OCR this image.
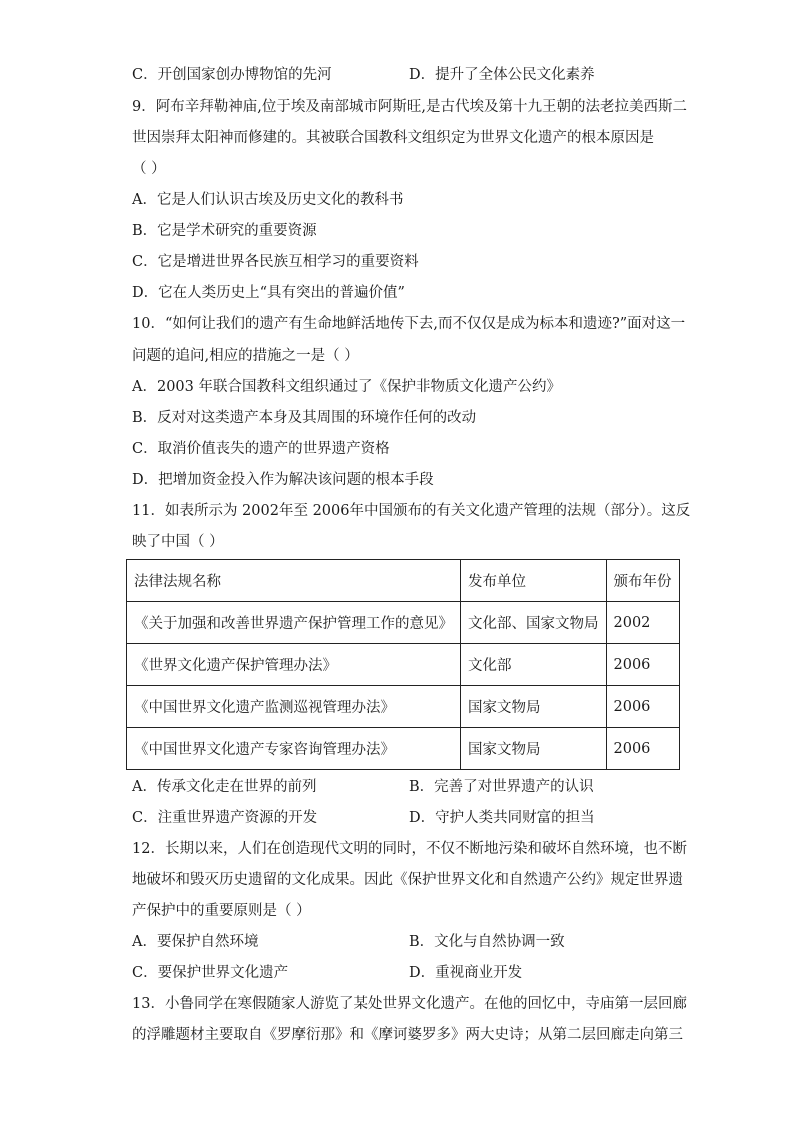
C．开创国家创办博物馆的先河	D．提升了全体公民文化素养
9．阿布辛拜勒神庙,位于埃及南部城市阿斯旺,是古代埃及第十九王朝的法老拉美西斯二
世因崇拜太阳神而修建的。其被联合国教科文组织定为世界文化遗产的根本原因是
（ ）
A．它是人们认识古埃及历史文化的教科书
B．它是学术研究的重要资源
C．它是增进世界各民族互相学习的重要资料
D．它在人类历史上“具有突出的普遍价值”
10．“如何让我们的遗产有生命地鲜活地传下去,而不仅仅是成为标本和遗迹?”面对这一
问题的追问,相应的措施之一是（ ）
A．2003 年联合国教科文组织通过了《保护非物质文化遗产公约》
B．反对对这类遗产本身及其周围的环境作任何的改动
C．取消价值丧失的遗产的世界遗产资格
D．把增加资金投入作为解决该问题的根本手段
11．如表所示为 2002年至 2006年中国颁布的有关文化遗产管理的法规（部分）。这反
映了中国（ ）
法律法规名称	发布单位	颁布年份
《关于加强和改善世界遗产保护管理工作的意见》	文化部、国家文物局	2002
《世界文化遗产保护管理办法》	文化部	2006
《中国世界文化遗产监测巡视管理办法》	国家文物局	2006
《中国世界文化遗产专家咨询管理办法》	国家文物局	2006
A．传承文化走在世界的前列	B．完善了对世界遗产的认识
C．注重世界遗产资源的开发	D．守护人类共同财富的担当
12．长期以来，人们在创造现代文明的同时，不仅不断地污染和破坏自然环境，也不断
地破坏和毁灭历史遗留的文化成果。因此《保护世界文化和自然遗产公约》规定世界遗
产保护中的重要原则是（ ）
A．要保护自然环境	B．文化与自然协调一致
C．要保护世界文化遗产	D．重视商业开发
13．小鲁同学在寒假随家人游览了某处世界文化遗产。在他的回忆中，寺庙第一层回廊
的浮雕题材主要取自《罗摩衍那》和《摩诃婆罗多》两大史诗；从第二层回廊走向第三
